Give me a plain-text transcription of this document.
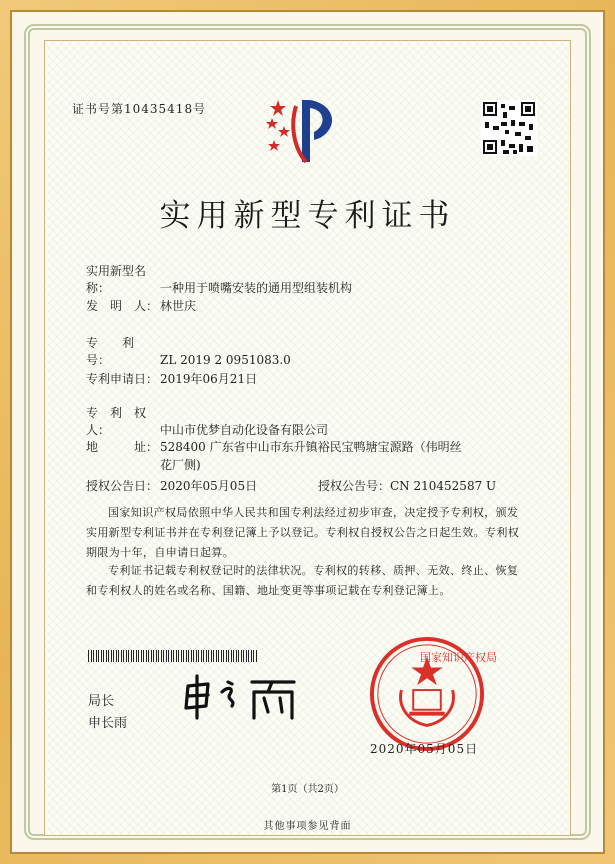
证书号第10435418号
实用新型专利证书
实用新型名称：	一种用于喷嘴安装的通用型组装机构
发　明　人： 林世庆
专　　利　号：	ZL 2019 2 0951083.0
专利申请日： 2019年06月21日
专　利　权　人：	中山市优梦自动化设备有限公司
地　　　址： 528400 广东省中山市东升镇裕民宝鸭塘宝源路（伟明丝
花厂侧)
授权公告日： 2020年05月05日	授权公告号：CN 210452587 U
国家知识产权局依照中华人民共和国专利法经过初步审查，决定授予专利权，颁发实用新型专利证书并在专利登记簿上予以登记。专利权自授权公告之日起生效。专利权期限为十年，自申请日起算。
专利证书记载专利权登记时的法律状况。专利权的转移、质押、无效、终止、恢复和专利权人的姓名或名称、国籍、地址变更等事项记载在专利登记簿上。
局长
申长雨
国家知识产权局
2020年05月05日
第1页（共2页）
其他事项参见背面
